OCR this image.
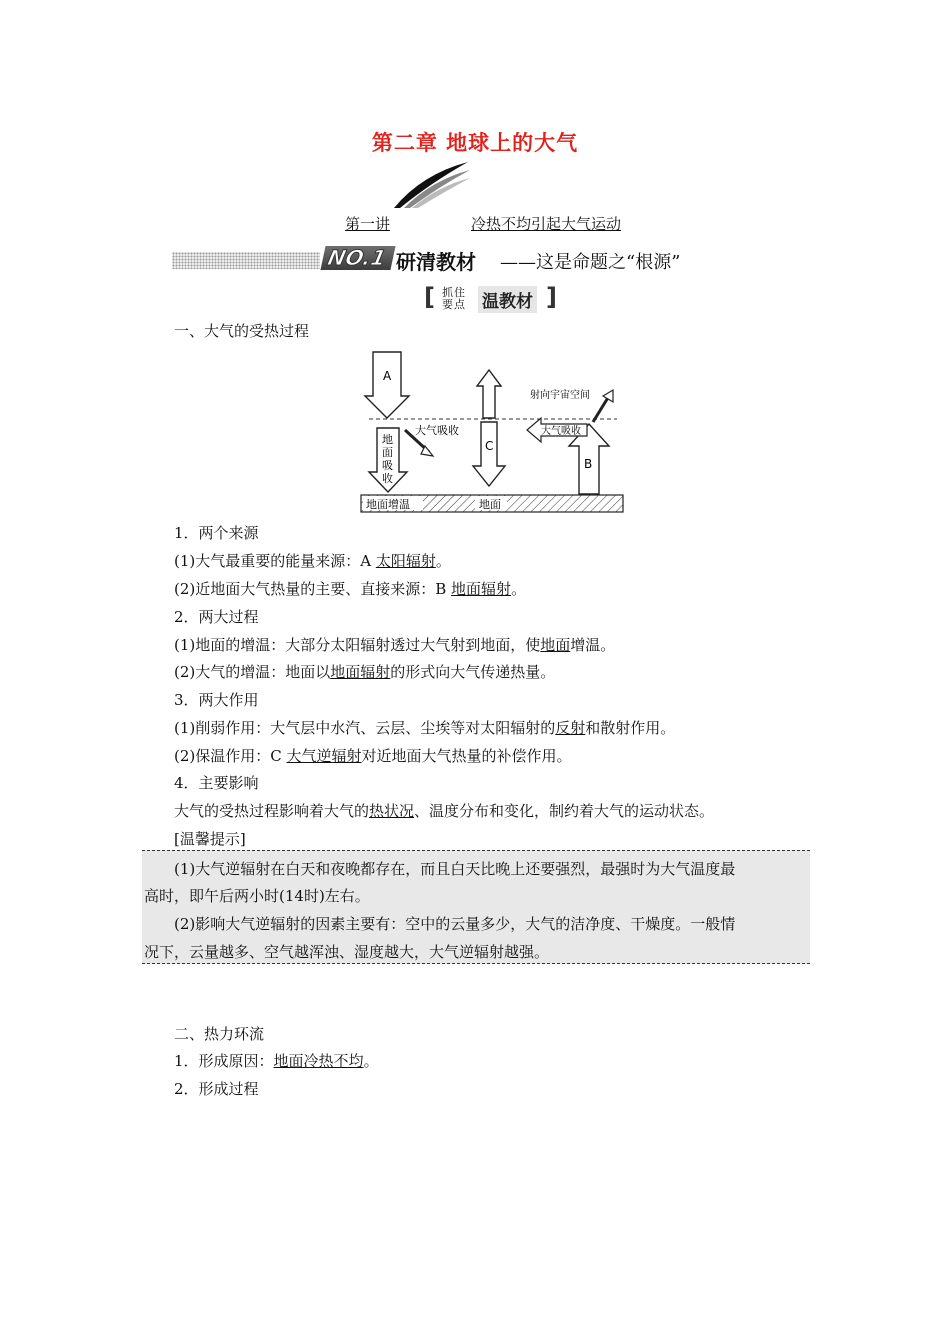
第二章 地球上的大气
第一讲	冷热不均引起大气运动
NO.1 研清教材 ——这是命题之“根源”
[ 抓住
要点 温教材 ]
一、大气的受热过程
地面增温	地面
A
地
面
吸
收
大气吸收
C
B
大气吸收
射向宇宙空间
1．两个来源
(1)大气最重要的能量来源：A 太阳辐射。
(2)近地面大气热量的主要、直接来源：B 地面辐射。
2．两大过程
(1)地面的增温：大部分太阳辐射透过大气射到地面，使地面增温。
(2)大气的增温：地面以地面辐射的形式向大气传递热量。
3．两大作用
(1)削弱作用：大气层中水汽、云层、尘埃等对太阳辐射的反射和散射作用。
(2)保温作用：C 大气逆辐射对近地面大气热量的补偿作用。
4．主要影响
大气的受热过程影响着大气的热状况、温度分布和变化，制约着大气的运动状态。
[温馨提示]
(1)大气逆辐射在白天和夜晚都存在，而且白天比晚上还要强烈，最强时为大气温度最
高时，即午后两小时(14时)左右。
(2)影响大气逆辐射的因素主要有：空中的云量多少，大气的洁净度、干燥度。一般情
况下，云量越多、空气越浑浊、湿度越大，大气逆辐射越强。
二、热力环流
1．形成原因：地面冷热不均。
2．形成过程
